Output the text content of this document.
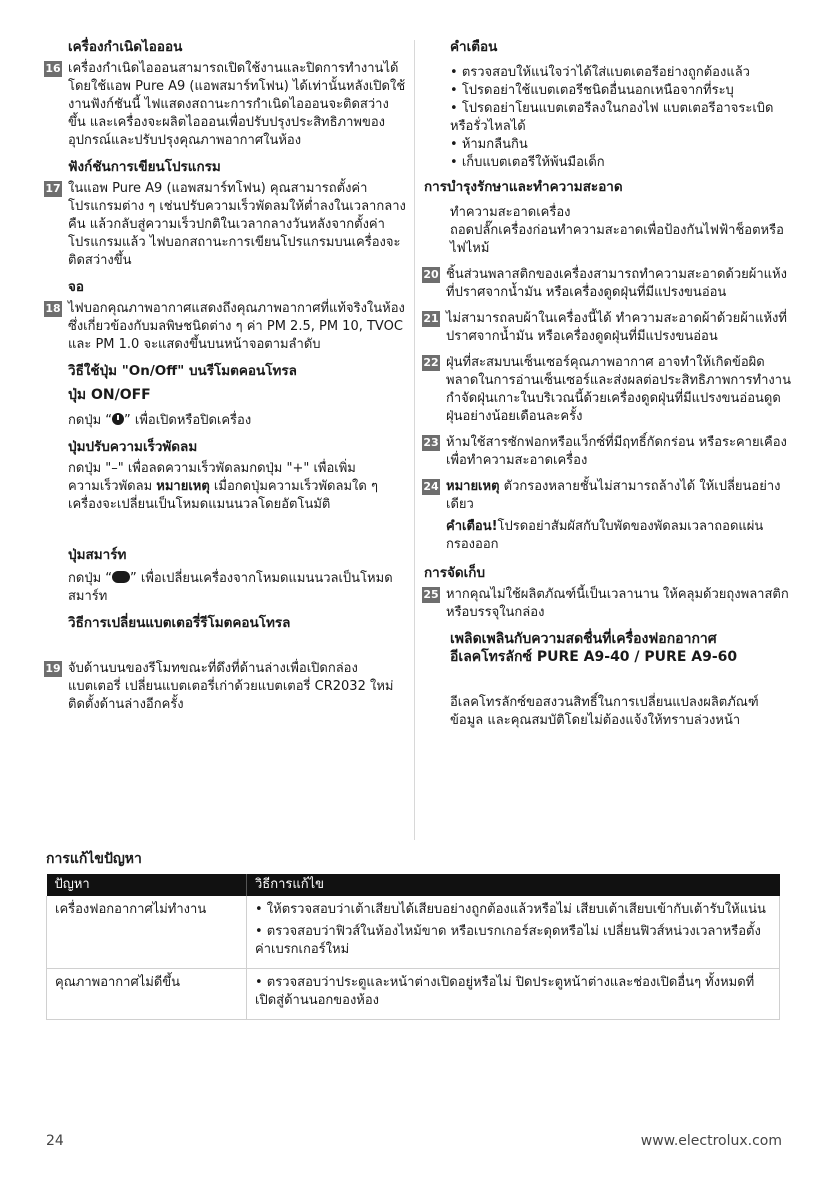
เครื่องกำเนิดไอออน
16 เครื่องกำเนิดไอออนสามารถเปิดใช้งานและปิดการทำงานได้โดยใช้แอพ Pure A9 (แอพสมาร์ทโฟน) ได้เท่านั้นหลังเปิดใช้งานฟังก์ชันนี้ ไฟแสดงสถานะการกำเนิดไอออนจะติดสว่างขึ้น และเครื่องจะผลิตไอออนเพื่อปรับปรุงประสิทธิภาพของอุปกรณ์และปรับปรุงคุณภาพอากาศในห้อง
ฟังก์ชันการเขียนโปรแกรม
17 ในแอพ Pure A9 (แอพสมาร์ทโฟน) คุณสามารถตั้งค่าโปรแกรมต่าง ๆ เช่นปรับความเร็วพัดลมให้ต่ำลงในเวลากลางคืน แล้วกลับสู่ความเร็วปกติในเวลากลางวันหลังจากตั้งค่าโปรแกรมแล้ว ไฟบอกสถานะการเขียนโปรแกรมบนเครื่องจะติดสว่างขึ้น
จอ
18 ไฟบอกคุณภาพอากาศแสดงถึงคุณภาพอากาศที่แท้จริงในห้องซึ่งเกี่ยวข้องกับมลพิษชนิดต่าง ๆ ค่า PM 2.5, PM 10, TVOC และ PM 1.0 จะแสดงขึ้นบนหน้าจอตามลำดับ
วิธีใช้ปุ่ม "On/Off" บนรีโมตคอนโทรล
ปุ่ม ON/OFF
กดปุ่ม “ ” เพื่อเปิดหรือปิดเครื่อง
ปุ่มปรับความเร็วพัดลม
กดปุ่ม "–" เพื่อลดความเร็วพัดลมกดปุ่ม "+" เพื่อเพิ่มความเร็วพัดลม หมายเหตุ เมื่อกดปุ่มความเร็วพัดลมใด ๆ เครื่องจะเปลี่ยนเป็นโหมดแมนนวลโดยอัตโนมัติ
ปุ่มสมาร์ท
กดปุ่ม “ ” เพื่อเปลี่ยนเครื่องจากโหมดแมนนวลเป็นโหมดสมาร์ท
วิธีการเปลี่ยนแบตเตอรี่รีโมตคอนโทรล
19 จับด้านบนของรีโมทขณะที่ดึงที่ด้านล่างเพื่อเปิดกล่องแบตเตอรี่ เปลี่ยนแบตเตอรี่เก่าด้วยแบตเตอรี่ CR2032 ใหม่ติดตั้งด้านล่างอีกครั้ง
คำเตือน
• ตรวจสอบให้แน่ใจว่าได้ใส่แบตเตอรีอย่างถูกต้องแล้ว
• โปรดอย่าใช้แบตเตอรีชนิดอื่นนอกเหนือจากที่ระบุ
• โปรดอย่าโยนแบตเตอรีลงในกองไฟ แบตเตอรีอาจระเบิดหรือรั่วไหลได้
• ห้ามกลืนกิน
• เก็บแบตเตอรีให้พ้นมือเด็ก
การบำรุงรักษาและทำความสะอาด
ทำความสะอาดเครื่อง
ถอดปลั๊กเครื่องก่อนทำความสะอาดเพื่อป้องกันไฟฟ้าช็อตหรือไฟไหม้
20 ชิ้นส่วนพลาสติกของเครื่องสามารถทำความสะอาดด้วยผ้าแห้งที่ปราศจากน้ำมัน หรือเครื่องดูดฝุ่นที่มีแปรงขนอ่อน
21 ไม่สามารถลบผ้าในเครื่องนี้ได้ ทำความสะอาดผ้าด้วยผ้าแห้งที่ปราศจากน้ำมัน หรือเครื่องดูดฝุ่นที่มีแปรงขนอ่อน
22 ฝุ่นที่สะสมบนเซ็นเซอร์คุณภาพอากาศ อาจทำให้เกิดข้อผิดพลาดในการอ่านเซ็นเซอร์และส่งผลต่อประสิทธิภาพการทำงานกำจัดฝุ่นเกาะในบริเวณนี้ด้วยเครื่องดูดฝุ่นที่มีแปรงขนอ่อนดูดฝุ่นอย่างน้อยเดือนละครั้ง
23 ห้ามใช้สารซักฟอกหรือแว็กซ์ที่มีฤทธิ์กัดกร่อน หรือระคายเคืองเพื่อทำความสะอาดเครื่อง
24 หมายเหตุ ตัวกรองหลายชั้นไม่สามารถล้างได้ ให้เปลี่ยนอย่างเดียว
คำเตือน!โปรดอย่าสัมผัสกับใบพัดของพัดลมเวลาถอดแผ่นกรองออก
การจัดเก็บ
25 หากคุณไม่ใช้ผลิตภัณฑ์นี้เป็นเวลานาน ให้คลุมด้วยถุงพลาสติกหรือบรรจุในกล่อง
เพลิดเพลินกับความสดชื่นที่เครื่องฟอกอากาศ
อีเลคโทรลักซ์ PURE A9-40 / PURE A9-60
อีเลคโทรลักซ์ขอสงวนสิทธิ์ในการเปลี่ยนแปลงผลิตภัณฑ์ ข้อมูล และคุณสมบัติโดยไม่ต้องแจ้งให้ทราบล่วงหน้า
การแก้ไขปัญหา
ปัญหา	วิธีการแก้ไข
เครื่องฟอกอากาศไม่ทำงาน	• ให้ตรวจสอบว่าเต้าเสียบได้เสียบอย่างถูกต้องแล้วหรือไม่ เสียบเต้าเสียบเข้ากับเต้ารับให้แน่น
• ตรวจสอบว่าฟิวส์ในห้องไหม้ขาด หรือเบรกเกอร์สะดุดหรือไม่ เปลี่ยนฟิวส์หน่วงเวลาหรือตั้งค่าเบรกเกอร์ใหม่

คุณภาพอากาศไม่ดีขึ้น	• ตรวจสอบว่าประตูและหน้าต่างเปิดอยู่หรือไม่ ปิดประตูหน้าต่างและช่องเปิดอื่นๆ ทั้งหมดที่เปิดสู่ด้านนอกของห้อง
24	www.electrolux.com
